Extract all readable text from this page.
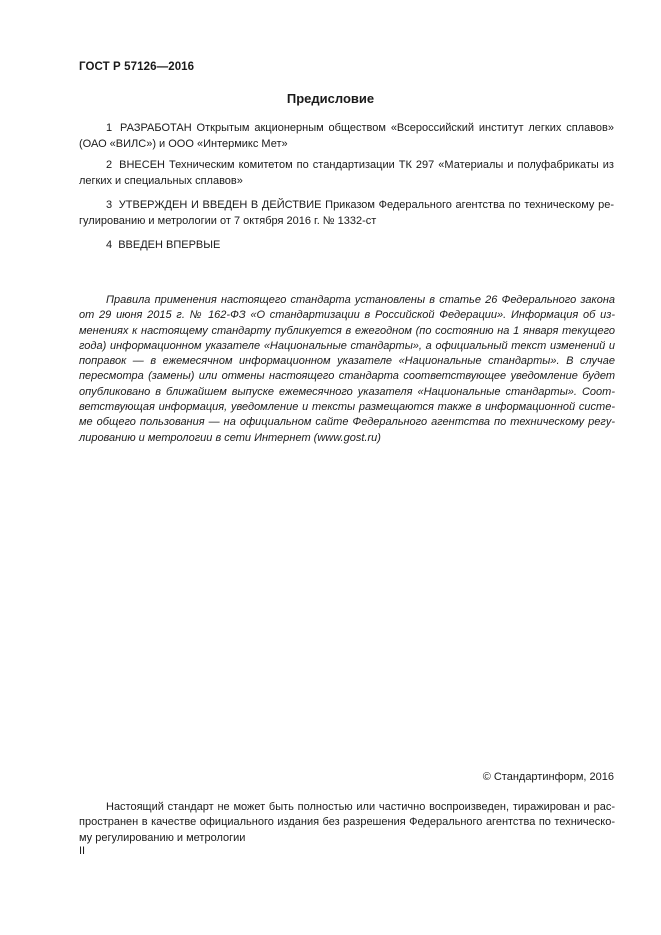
ГОСТ Р 57126—2016
Предисловие
1 РАЗРАБОТАН Открытым акционерным обществом «Всероссийский институт легких сплавов» (ОАО «ВИЛС») и ООО «Интермикс Мет»
2 ВНЕСЕН Техническим комитетом по стандартизации ТК 297 «Материалы и полуфабрикаты из легких и специальных сплавов»
3 УТВЕРЖДЕН И ВВЕДЕН В ДЕЙСТВИЕ Приказом Федерального агентства по техническому регулированию и метрологии от 7 октября 2016 г. № 1332-ст
4 ВВЕДЕН ВПЕРВЫЕ
Правила применения настоящего стандарта установлены в статье 26 Федерального закона от 29 июня 2015 г. № 162-ФЗ «О стандартизации в Российской Федерации». Информация об изменениях к настоящему стандарту публикуется в ежегодном (по состоянию на 1 января текущего года) информационном указателе «Национальные стандарты», а официальный текст изменений и поправок — в ежемесячном информационном указателе «Национальные стандарты». В случае пересмотра (замены) или отмены настоящего стандарта соответствующее уведомление будет опубликовано в ближайшем выпуске ежемесячного указателя «Национальные стандарты». Соответствующая информация, уведомление и тексты размещаются также в информационной системе общего пользования — на официальном сайте Федерального агентства по техническому регулированию и метрологии в сети Интернет (www.gost.ru)
© Стандартинформ, 2016
Настоящий стандарт не может быть полностью или частично воспроизведен, тиражирован и распространен в качестве официального издания без разрешения Федерального агентства по техническому регулированию и метрологии
II
